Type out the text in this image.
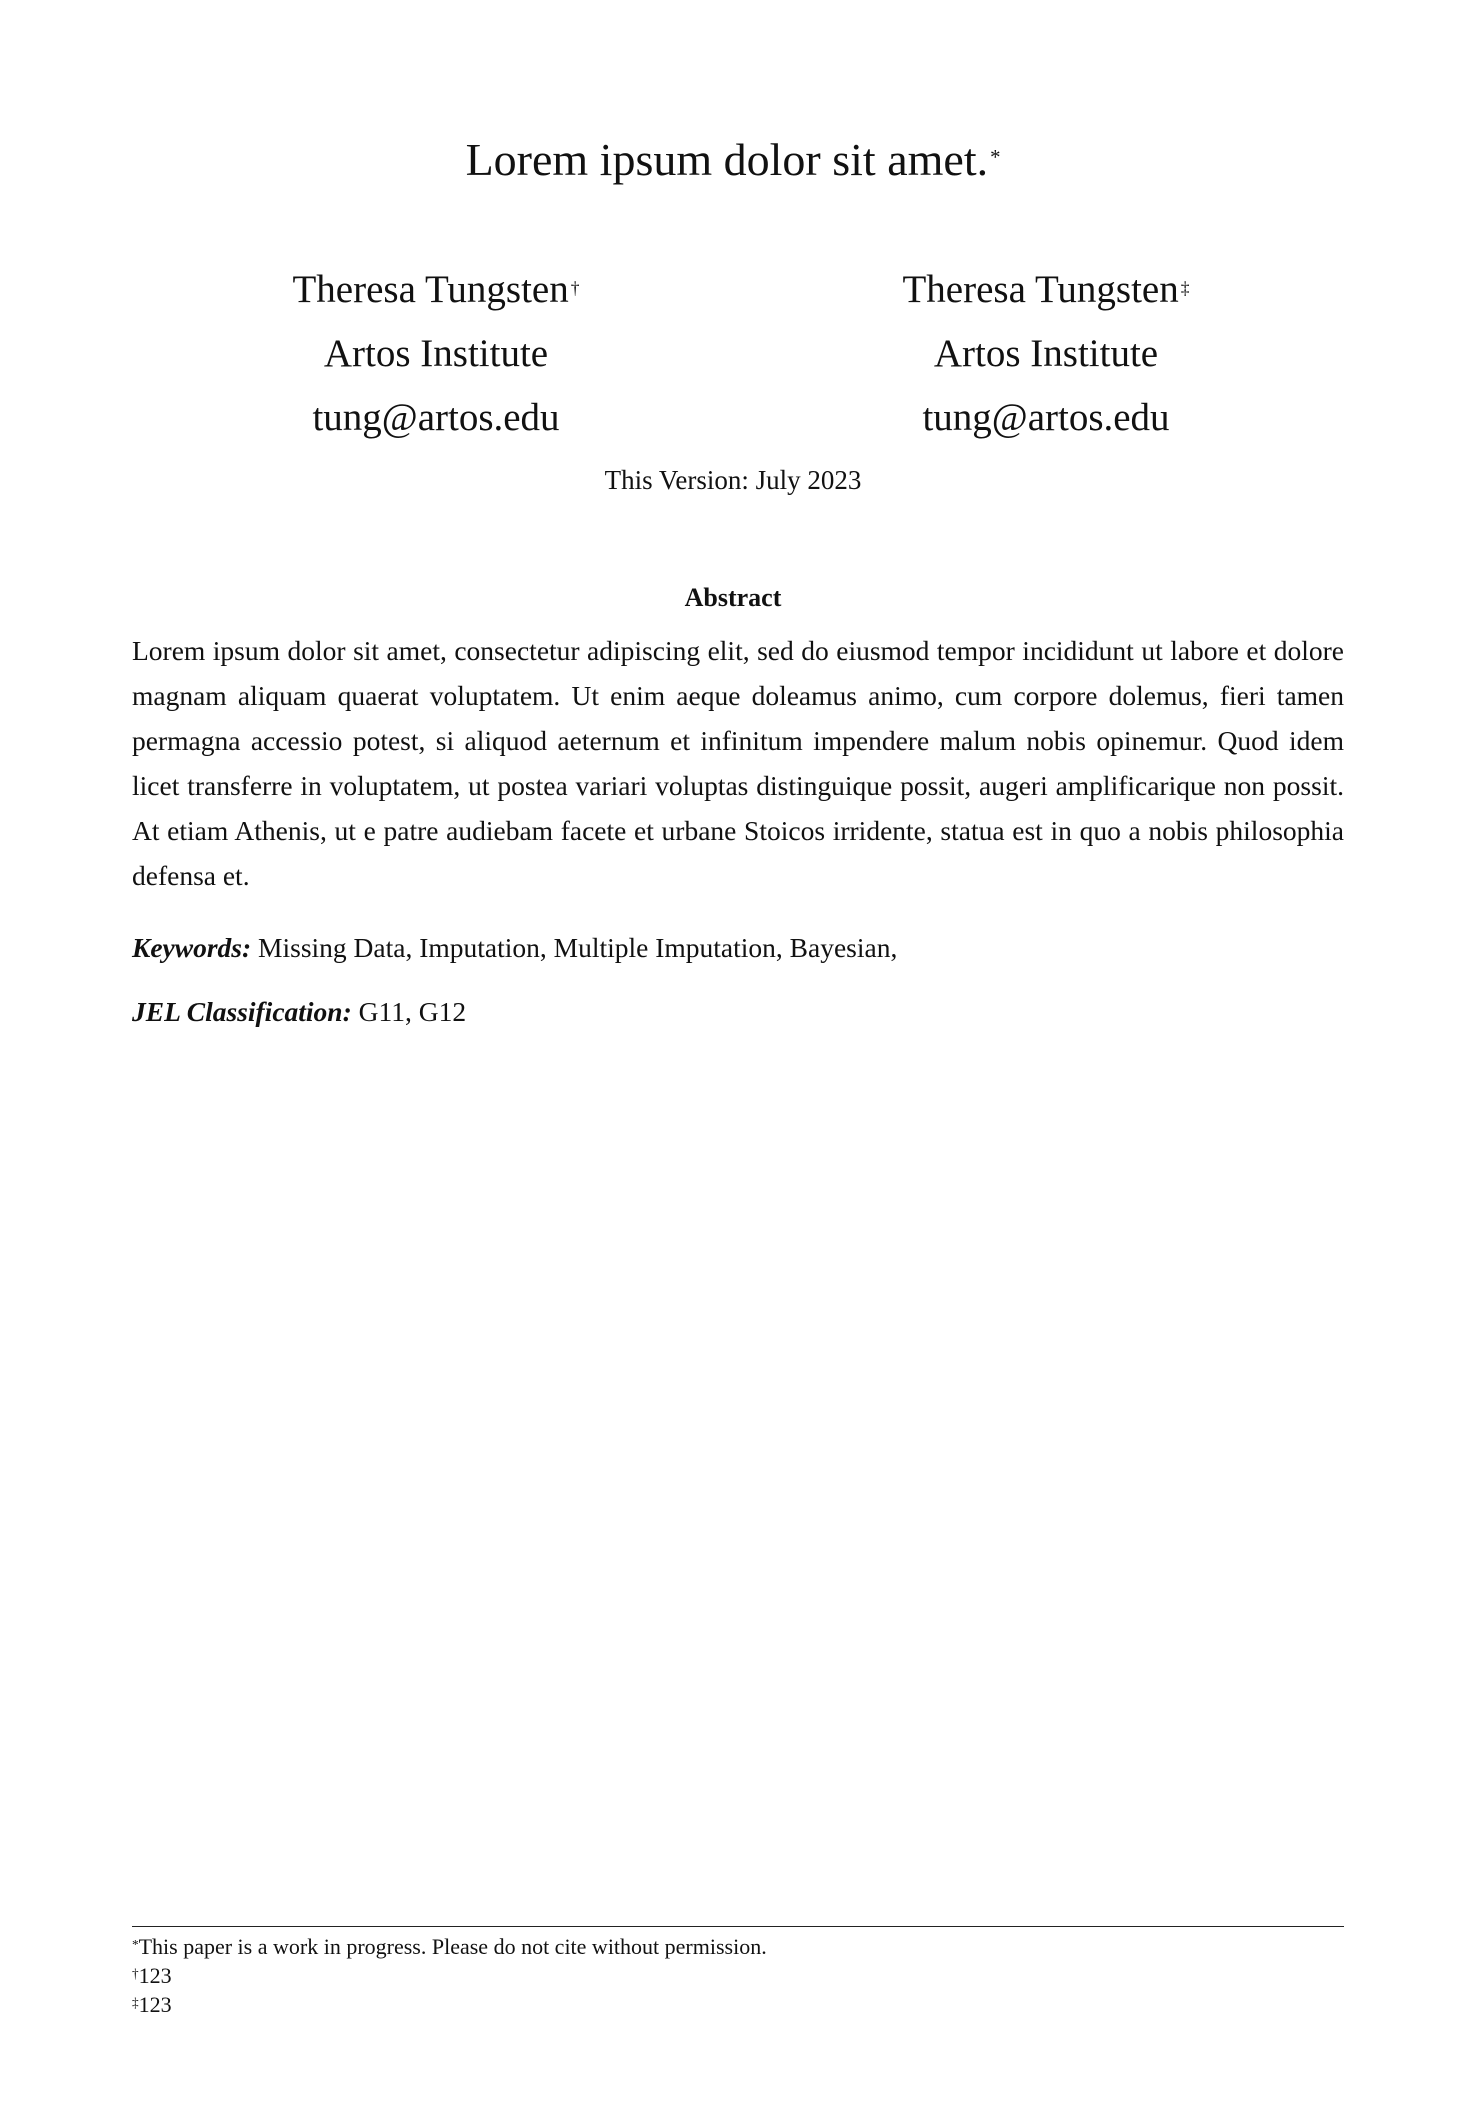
Lorem ipsum dolor sit amet.*
Theresa Tungsten †
Artos Institute
tung@artos.edu
Theresa Tungsten ‡
Artos Institute
tung@artos.edu
This Version: July 2023
Abstract

Lorem ipsum dolor sit amet, consectetur adipiscing elit, sed do eiusmod tempor incididunt ut labore et dolore magnam aliquam quaerat voluptatem. Ut enim aeque doleamus animo, cum corpore dolemus, fieri tamen permagna accessio potest, si aliquod aeternum et infinitum impendere malum nobis opinemur. Quod idem licet transferre in voluptatem, ut postea variari voluptas distinguique possit, augeri amplificarique non possit. At etiam Athenis, ut e patre audiebam facete et urbane Stoicos irridente, statua est in quo a nobis philosophia defensa et.

Keywords: Missing Data, Imputation, Multiple Imputation, Bayesian,
JEL Classification: G11, G12
*This paper is a work in progress. Please do not cite without permission.
†123
‡123
